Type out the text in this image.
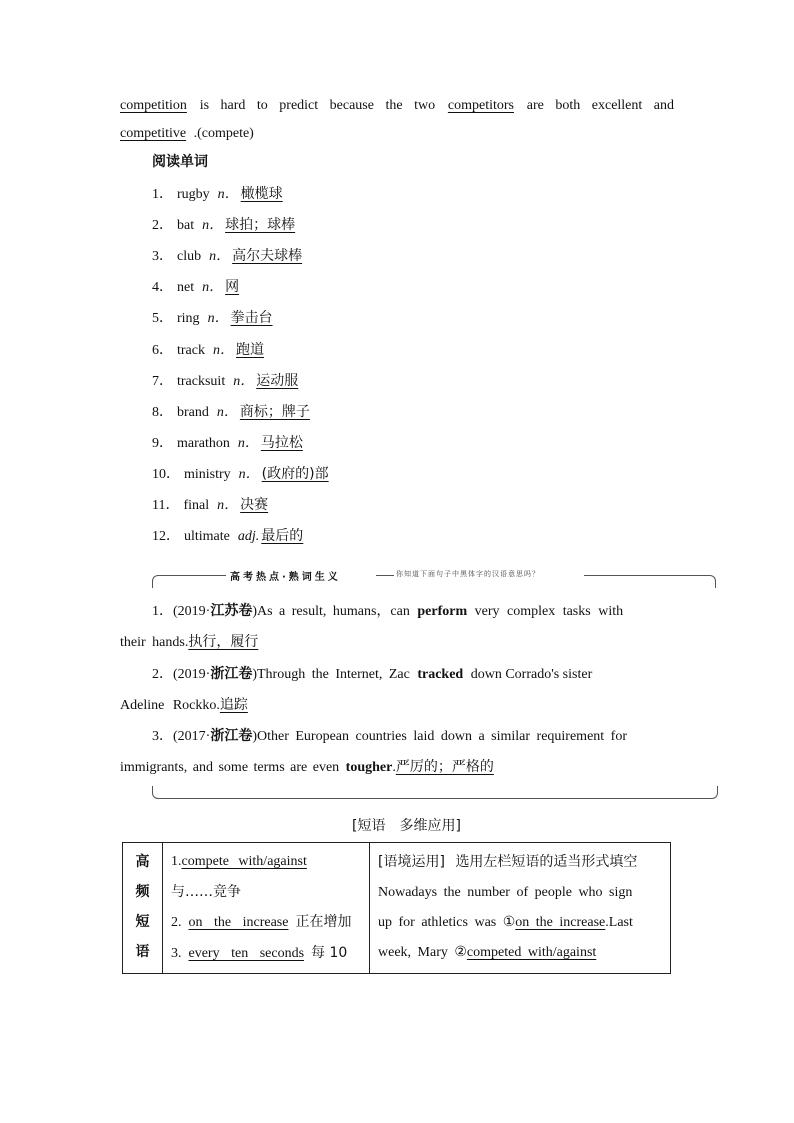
competition is hard to predict because the two competitors are both excellent and
competitive .(compete)
阅读单词
1． rugby n． 橄榄球
2． bat n． 球拍；球棒
3． club n． 高尔夫球棒
4． net n． 网
5． ring n． 拳击台
6． track n． 跑道
7． tracksuit n． 运动服
8． brand n． 商标；牌子
9． marathon n． 马拉松
10． ministry n． (政府的)部
11． final n． 决赛
12． ultimate adj. 最后的
高考热点·熟词生义	你知道下面句子中黑体字的汉语意思吗？
1．(2019·江苏卷)As a result, humans，can perform very complex tasks with
their hands.执行，履行
2．(2019·浙江卷)Through the Internet, Zac tracked down Corrado's sister
Adeline Rockko.追踪
3．(2017·浙江卷)Other European countries laid down a similar requirement for
immigrants, and some terms are even tougher.严厉的；严格的
[短语　多维应用]
高
频
短
语

1.compete with/against
与……竞争
2. on the increase 正在增加
3. every ten seconds 每 10

[语境运用] 选用左栏短语的适当形式填空
Nowadays the number of people who sign
up for athletics was ①on the increase.Last
week, Mary ②competed with/against
